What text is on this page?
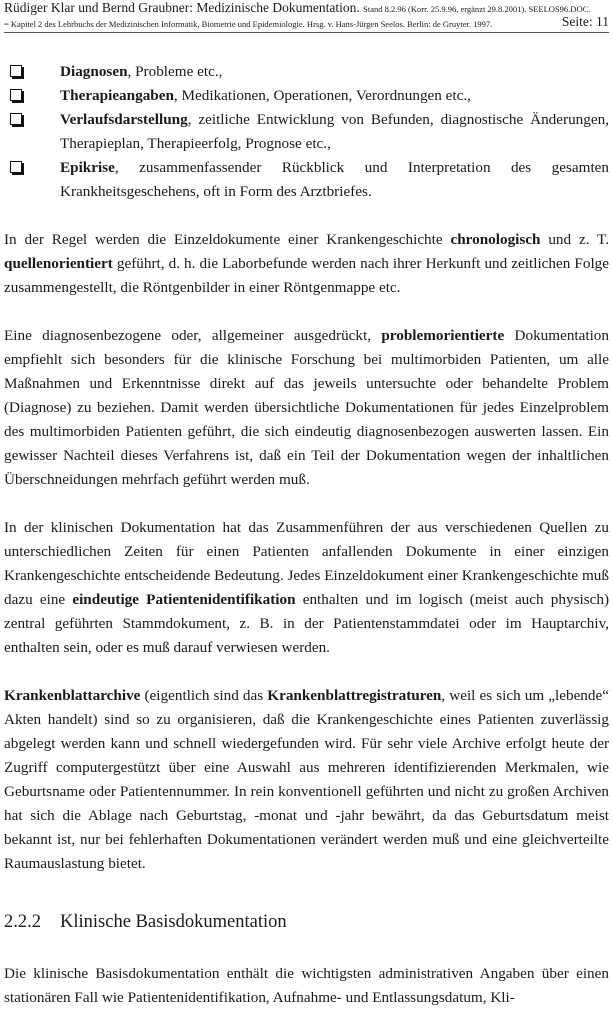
Rüdiger Klar und Bernd Graubner: Medizinische Dokumentation. Stand 8.2.96 (Korr. 25.9.96, ergänzt 29.8.2001). SEELOS96.DOC.
= Kapitel 2 des Lehrbuchs der Medizinischen Informatik, Biometrie und Epidemiologie. Hrsg. v. Hans-Jürgen Seelos. Berlin: de Gruyter. 1997.	Seite: 11
Diagnosen, Probleme etc.,
Therapieangaben, Medikationen, Operationen, Verordnungen etc.,
Verlaufsdarstellung, zeitliche Entwicklung von Befunden, diagnostische Änderungen, Therapieplan, Therapieerfolg, Prognose etc.,
Epikrise, zusammenfassender Rückblick und Interpretation des gesamten Krankheitsgeschehens, oft in Form des Arztbriefes.

In der Regel werden die Einzeldokumente einer Krankengeschichte chronologisch und z. T. quellenorientiert geführt, d. h. die Laborbefunde werden nach ihrer Herkunft und zeitlichen Folge zusammengestellt, die Röntgenbilder in einer Röntgenmappe etc.

Eine diagnosenbezogene oder, allgemeiner ausgedrückt, problemorientierte Dokumentation empfiehlt sich besonders für die klinische Forschung bei multimorbiden Patienten, um alle Maßnahmen und Erkenntnisse direkt auf das jeweils untersuchte oder behandelte Problem (Diagnose) zu beziehen. Damit werden übersichtliche Dokumentationen für jedes Einzelproblem des multimorbiden Patienten geführt, die sich eindeutig diagnosenbezogen auswerten lassen. Ein gewisser Nachteil dieses Verfahrens ist, daß ein Teil der Dokumentation wegen der inhaltlichen Überschneidungen mehrfach geführt werden muß.

In der klinischen Dokumentation hat das Zusammenführen der aus verschiedenen Quellen zu unterschiedlichen Zeiten für einen Patienten anfallenden Dokumente in einer einzigen Krankengeschichte entscheidende Bedeutung. Jedes Einzeldokument einer Krankengeschichte muß dazu eine eindeutige Patientenidentifikation enthalten und im logisch (meist auch physisch) zentral geführten Stammdokument, z. B. in der Patientenstammdatei oder im Hauptarchiv, enthalten sein, oder es muß darauf verwiesen werden.

Krankenblattarchive (eigentlich sind das Krankenblattregistraturen, weil es sich um „lebende“ Akten handelt) sind so zu organisieren, daß die Krankengeschichte eines Patienten zuverlässig abgelegt werden kann und schnell wiedergefunden wird. Für sehr viele Archive erfolgt heute der Zugriff computergestützt über eine Auswahl aus mehreren identifizierenden Merkmalen, wie Geburtsname oder Patientennummer. In rein konventionell geführten und nicht zu großen Archiven hat sich die Ablage nach Geburtstag, -monat und -jahr bewährt, da das Geburtsdatum meist bekannt ist, nur bei fehlerhaften Dokumentationen verändert werden muß und eine gleichverteilte Raumauslastung bietet.

2.2.2 Klinische Basisdokumentation

Die klinische Basisdokumentation enthält die wichtigsten administrativen Angaben über einen stationären Fall wie Patientenidentifikation, Aufnahme- und Entlassungsdatum, Kli-
